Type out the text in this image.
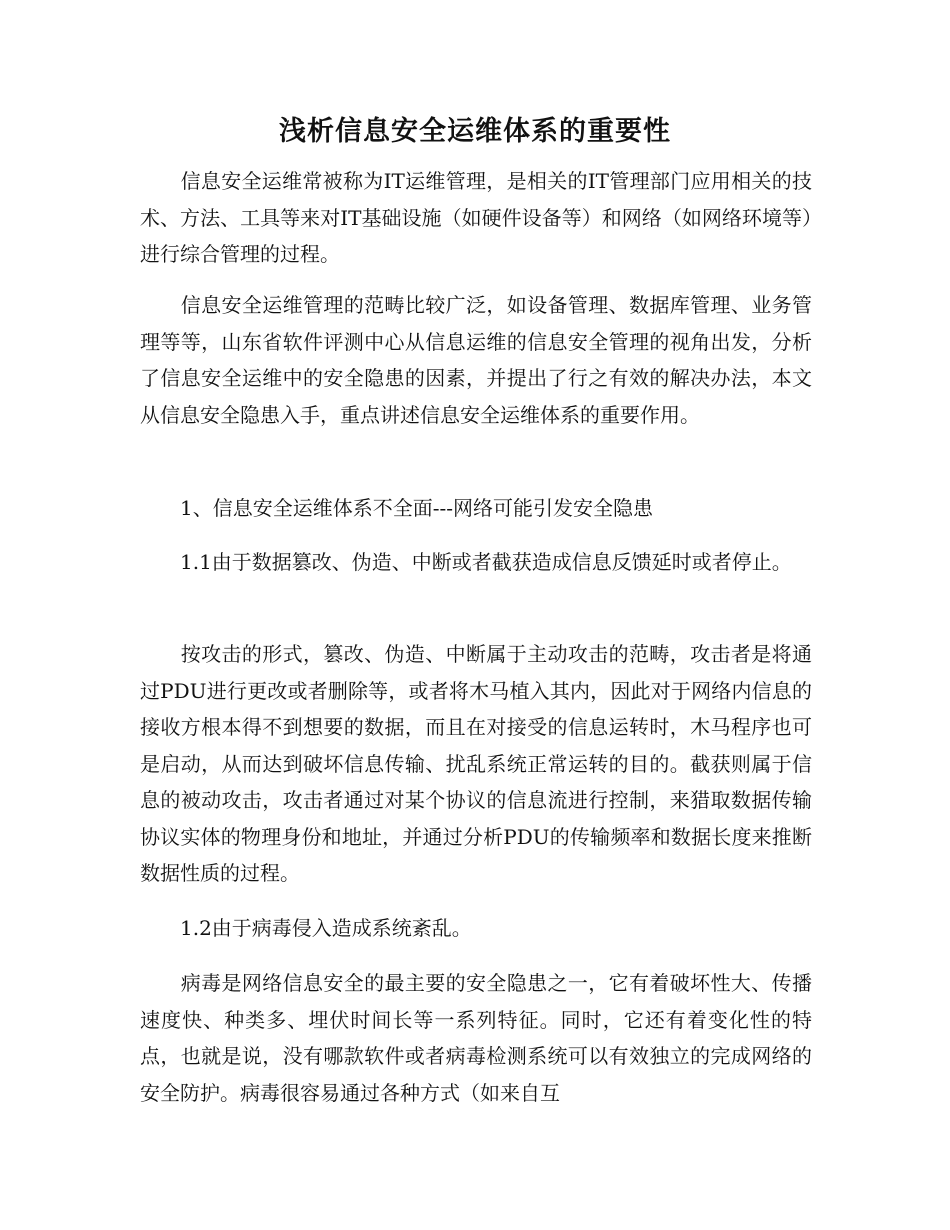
浅析信息安全运维体系的重要性

　　信息安全运维常被称为IT运维管理，是相关的IT管理部门应用相关的技术、方法、工具等来对IT基础设施（如硬件设备等）和网络（如网络环境等）进行综合管理的过程。

　　信息安全运维管理的范畴比较广泛，如设备管理、数据库管理、业务管理等等，山东省软件评测中心从信息运维的信息安全管理的视角出发，分析了信息安全运维中的安全隐患的因素，并提出了行之有效的解决办法，本文从信息安全隐患入手，重点讲述信息安全运维体系的重要作用。

　　1、信息安全运维体系不全面---网络可能引发安全隐患

　　1.1由于数据篡改、伪造、中断或者截获造成信息反馈延时或者停止。

　　按攻击的形式，篡改、伪造、中断属于主动攻击的范畴，攻击者是将通过PDU进行更改或者删除等，或者将木马植入其内，因此对于网络内信息的接收方根本得不到想要的数据，而且在对接受的信息运转时，木马程序也可是启动，从而达到破坏信息传输、扰乱系统正常运转的目的。截获则属于信息的被动攻击，攻击者通过对某个协议的信息流进行控制，来猎取数据传输协议实体的物理身份和地址，并通过分析PDU的传输频率和数据长度来推断数据性质的过程。

　　1.2由于病毒侵入造成系统紊乱。

　　病毒是网络信息安全的最主要的安全隐患之一，它有着破坏性大、传播速度快、种类多、埋伏时间长等一系列特征。同时，它还有着变化性的特点，也就是说，没有哪款软件或者病毒检测系统可以有效独立的完成网络的安全防护。病毒很容易通过各种方式（如来自互
